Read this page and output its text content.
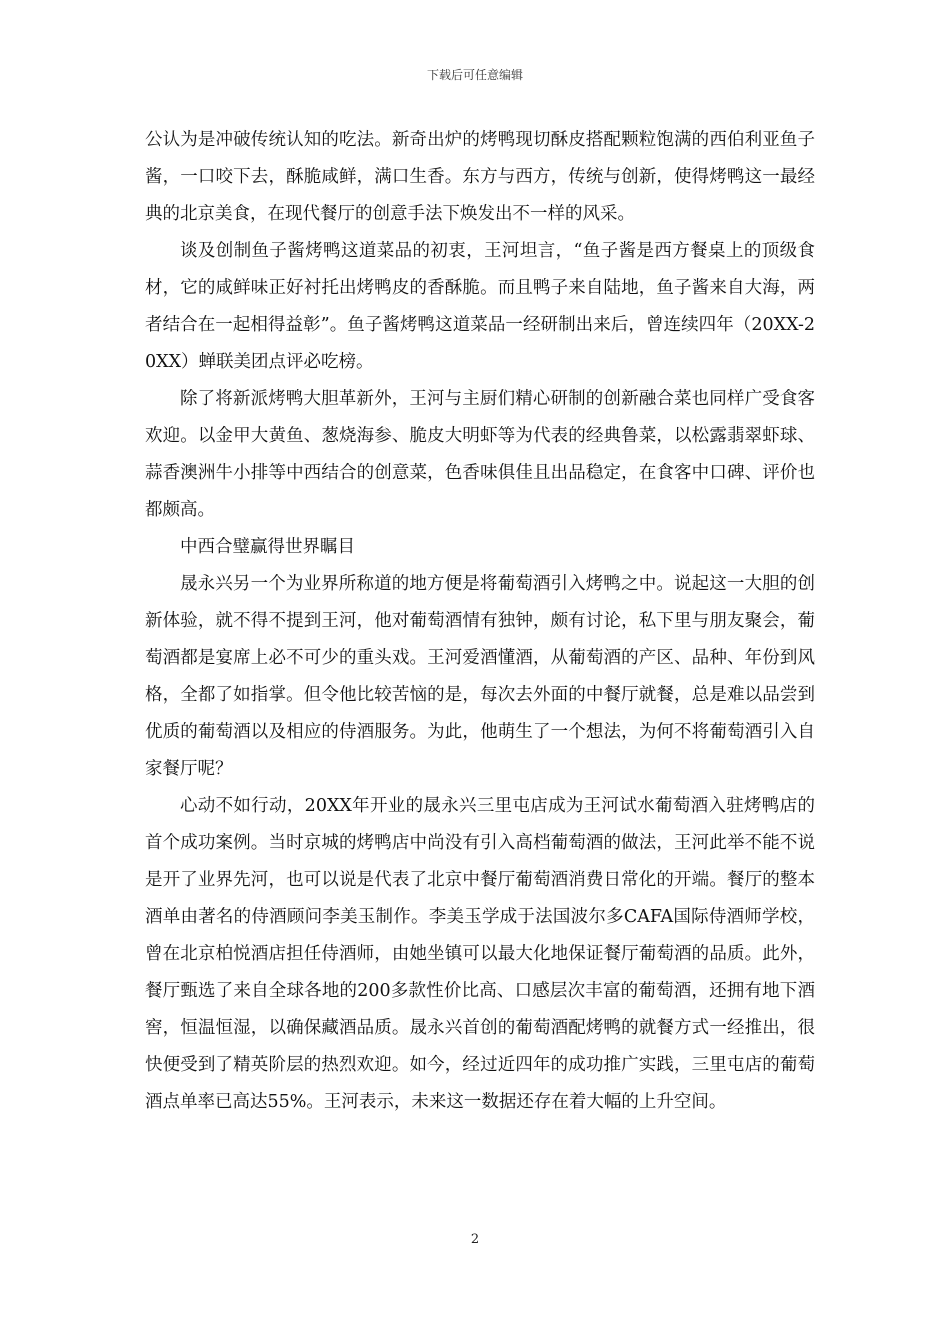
下载后可任意编辑

公认为是冲破传统认知的吃法。新奇出炉的烤鸭现切酥皮搭配颗粒饱满的西伯利亚鱼子酱，一口咬下去，酥脆咸鲜，满口生香。东方与西方，传统与创新，使得烤鸭这一最经典的北京美食，在现代餐厅的创意手法下焕发出不一样的风采。

谈及创制鱼子酱烤鸭这道菜品的初衷，王河坦言，“鱼子酱是西方餐桌上的顶级食材，它的咸鲜味正好衬托出烤鸭皮的香酥脆。而且鸭子来自陆地，鱼子酱来自大海，两者结合在一起相得益彰”。鱼子酱烤鸭这道菜品一经研制出来后，曾连续四年（20XX-20XX）蝉联美团点评必吃榜。

除了将新派烤鸭大胆革新外，王河与主厨们精心研制的创新融合菜也同样广受食客欢迎。以金甲大黄鱼、葱烧海参、脆皮大明虾等为代表的经典鲁菜，以松露翡翠虾球、蒜香澳洲牛小排等中西结合的创意菜，色香味俱佳且出品稳定，在食客中口碑、评价也都颇高。

中西合璧赢得世界瞩目

晟永兴另一个为业界所称道的地方便是将葡萄酒引入烤鸭之中。说起这一大胆的创新体验，就不得不提到王河，他对葡萄酒情有独钟，颇有讨论，私下里与朋友聚会，葡萄酒都是宴席上必不可少的重头戏。王河爱酒懂酒，从葡萄酒的产区、品种、年份到风格，全都了如指掌。但令他比较苦恼的是，每次去外面的中餐厅就餐，总是难以品尝到优质的葡萄酒以及相应的侍酒服务。为此，他萌生了一个想法，为何不将葡萄酒引入自家餐厅呢？

心动不如行动，20XX年开业的晟永兴三里屯店成为王河试水葡萄酒入驻烤鸭店的首个成功案例。当时京城的烤鸭店中尚没有引入高档葡萄酒的做法，王河此举不能不说是开了业界先河，也可以说是代表了北京中餐厅葡萄酒消费日常化的开端。餐厅的整本酒单由著名的侍酒顾问李美玉制作。李美玉学成于法国波尔多CAFA国际侍酒师学校，曾在北京柏悦酒店担任侍酒师，由她坐镇可以最大化地保证餐厅葡萄酒的品质。此外，餐厅甄选了来自全球各地的200多款性价比高、口感层次丰富的葡萄酒，还拥有地下酒窖，恒温恒湿，以确保藏酒品质。晟永兴首创的葡萄酒配烤鸭的就餐方式一经推出，很快便受到了精英阶层的热烈欢迎。如今，经过近四年的成功推广实践，三里屯店的葡萄酒点单率已高达55%。王河表示，未来这一数据还存在着大幅的上升空间。

2
